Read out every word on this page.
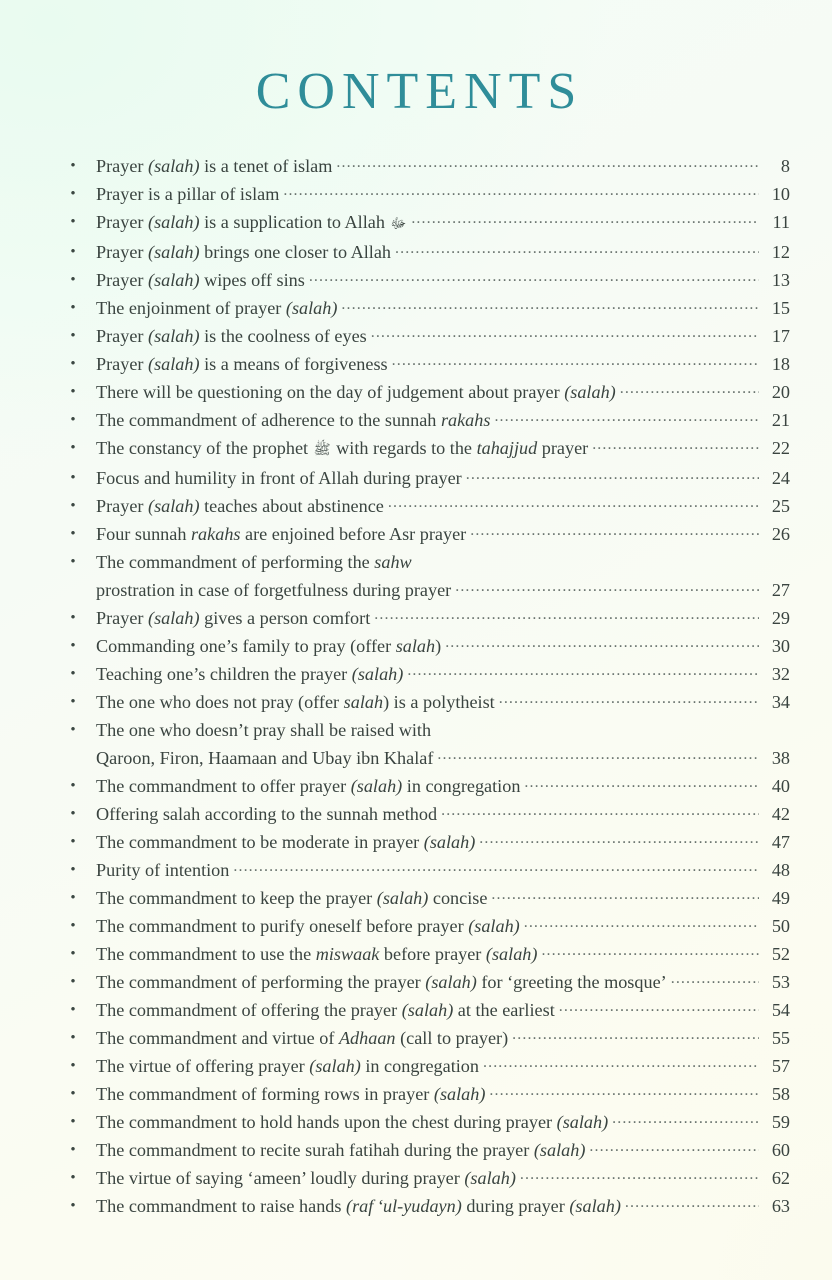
CONTENTS
• Prayer (salah) is a tenet of islam .....	8
• Prayer is a pillar of islam .....	10
• Prayer (salah) is a supplication to Allah ﷻ .....	11
• Prayer (salah) brings one closer to Allah .....	12
• Prayer (salah) wipes off sins .....	13
• The enjoinment of prayer (salah) .....	15
• Prayer (salah) is the coolness of eyes .....	17
• Prayer (salah) is a means of forgiveness .....	18
• There will be questioning on the day of judgement about prayer (salah) .....	20
• The commandment of adherence to the sunnah rakahs .....	21
• The constancy of the prophet ﷺ with regards to the tahajjud prayer .....	22
• Focus and humility in front of Allah during prayer .....	24
• Prayer (salah) teaches about abstinence .....	25
• Four sunnah rakahs are enjoined before Asr prayer .....	26
• The commandment of performing the sahw
prostration in case of forgetfulness during prayer .....	27
• Prayer (salah) gives a person comfort .....	29
• Commanding one’s family to pray (offer salah) .....	30
• Teaching one’s children the prayer (salah) .....	32
• The one who does not pray (offer salah) is a polytheist .....	34
• The one who doesn’t pray shall be raised with
Qaroon, Firon, Haamaan and Ubay ibn Khalaf .....	38
• The commandment to offer prayer (salah) in congregation .....	40
• Offering salah according to the sunnah method .....	42
• The commandment to be moderate in prayer (salah) .....	47
• Purity of intention .....	48
• The commandment to keep the prayer (salah) concise .....	49
• The commandment to purify oneself before prayer (salah) .....	50
• The commandment to use the miswaak before prayer (salah) .....	52
• The commandment of performing the prayer (salah) for ‘greeting the mosque’ .....	53
• The commandment of offering the prayer (salah) at the earliest .....	54
• The commandment and virtue of Adhaan (call to prayer) .....	55
• The virtue of offering prayer (salah) in congregation .....	57
• The commandment of forming rows in prayer (salah) .....	58
• The commandment to hold hands upon the chest during prayer (salah) .....	59
• The commandment to recite surah fatihah during the prayer (salah) .....	60
• The virtue of saying ‘ameen’ loudly during prayer (salah) .....	62
• The commandment to raise hands (raf ‘ul-yudayn) during prayer (salah) .....	63
